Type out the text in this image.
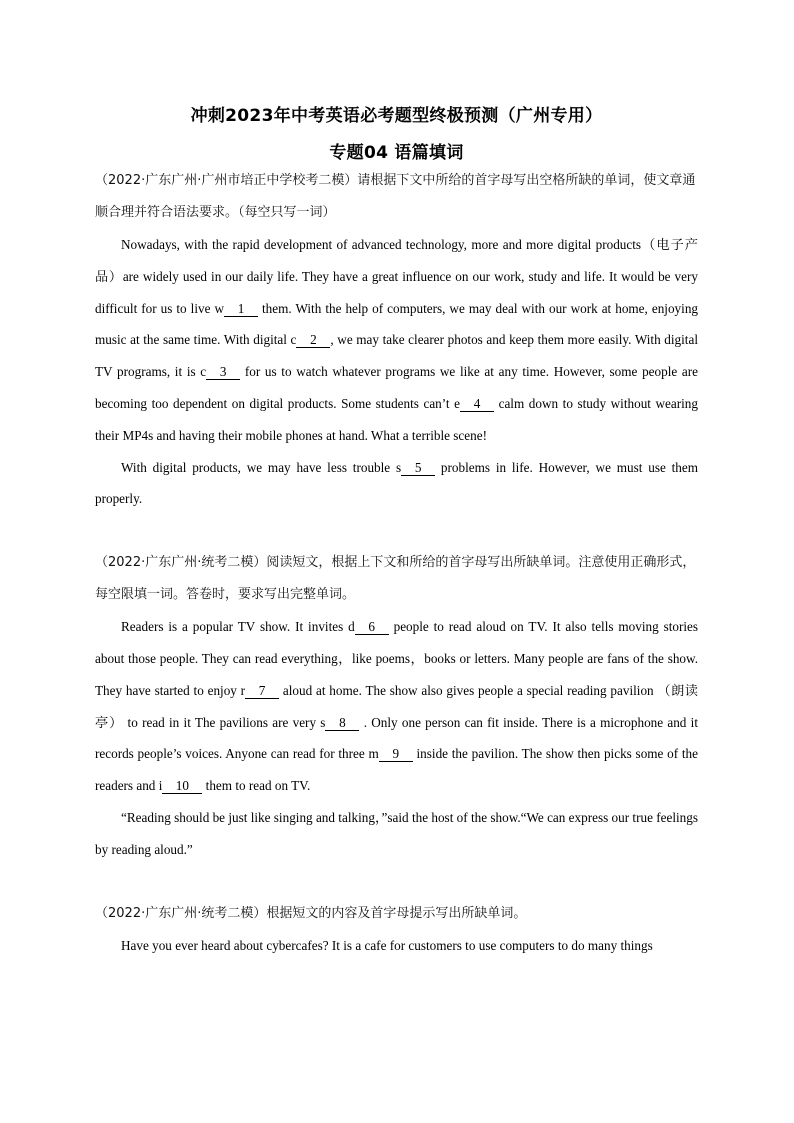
冲刺2023年中考英语必考题型终极预测（广州专用）
专题04 语篇填词

（2022·广东广州·广州市培正中学校考二模）请根据下文中所给的首字母写出空格所缺的单词，使文章通顺合理并符合语法要求。（每空只写一词）

Nowadays, with the rapid development of advanced technology, more and more digital products（电子产品）are widely used in our daily life. They have a great influence on our work, study and life. It would be very difficult for us to live w 1 them. With the help of computers, we may deal with our work at home, enjoying music at the same time. With digital c 2 , we may take clearer photos and keep them more easily. With digital TV programs, it is c 3 for us to watch whatever programs we like at any time. However, some people are becoming too dependent on digital products. Some students can’t e 4 calm down to study without wearing their MP4s and having their mobile phones at hand. What a terrible scene!

With digital products, we may have less trouble s 5 problems in life. However, we must use them properly.

（2022·广东广州·统考二模）阅读短文，根据上下文和所给的首字母写出所缺单词。注意使用正确形式，每空限填一词。答卷时，要求写出完整单词。

Readers is a popular TV show. It invites d 6 people to read aloud on TV. It also tells moving stories about those people. They can read everything，like poems，books or letters. Many people are fans of the show. They have started to enjoy r 7 aloud at home. The show also gives people a special reading pavilion （朗读亭） to read in it The pavilions are very s 8 . Only one person can fit inside. There is a microphone and it records people’s voices. Anyone can read for three m 9 inside the pavilion. The show then picks some of the readers and i 10 them to read on TV.

“Reading should be just like singing and talking，”said the host of the show.“We can express our true feelings by reading aloud.”

（2022·广东广州·统考二模）根据短文的内容及首字母提示写出所缺单词。

Have you ever heard about cybercafes? It is a cafe for customers to use computers to do many things
